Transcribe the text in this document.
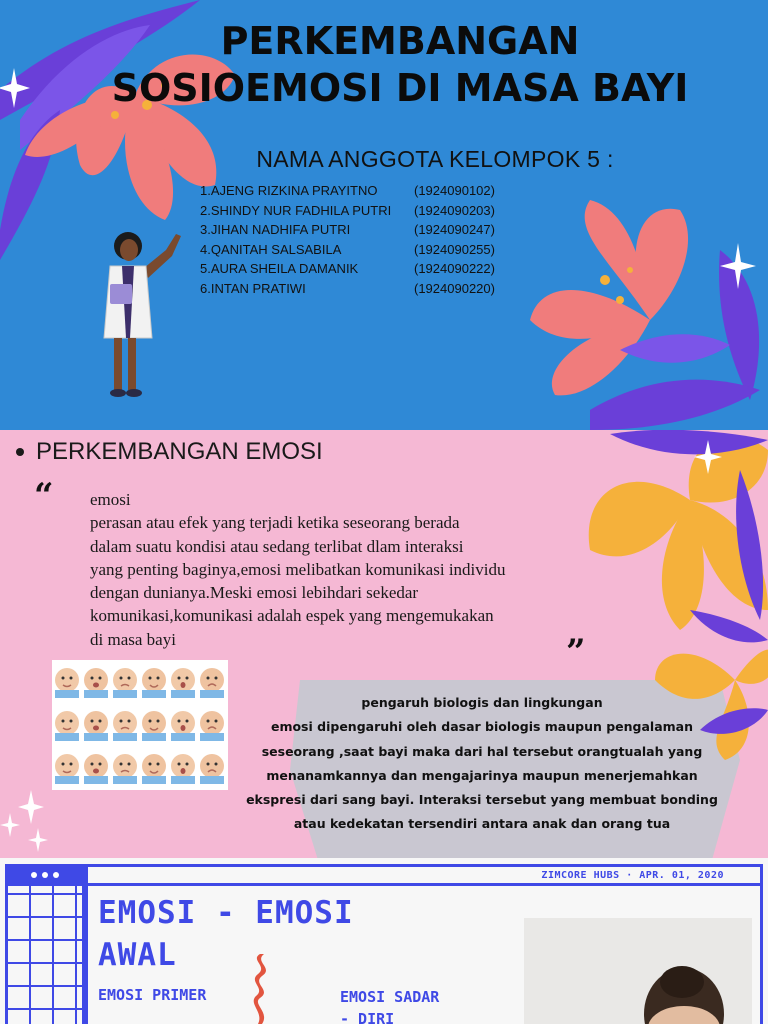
PERKEMBANGAN
SOSIOEMOSI DI MASA BAYI
NAMA ANGGOTA KELOMPOK 5 :
1.AJENG RIZKINA PRAYITNO	(1924090102)
2.SHINDY NUR FADHILA PUTRI	(1924090203)
3.JIHAN NADHIFA PUTRI	(1924090247)
4.QANITAH SALSABILA	(1924090255)
5.AURA SHEILA DAMANIK	(1924090222)
6.INTAN PRATIWI	(1924090220)
PERKEMBANGAN EMOSI
“ emosi

perasan atau efek yang terjadi ketika seseorang berada

dalam suatu kondisi atau sedang terlibat dlam interaksi

yang penting baginya,emosi melibatkan komunikasi individu

dengan dunianya.Meski emosi lebihdari sekedar

komunikasi,komunikasi adalah espek yang mengemukakan

di masa bayi	”

pengaruh biologis dan lingkungan

emosi dipengaruhi oleh dasar biologis maupun pengalaman

seseorang ,saat bayi maka dari hal tersebut orangtualah yang

menanamkannya dan mengajarinya maupun menerjemahkan

ekspresi dari sang bayi. Interaksi tersebut yang membuat bonding

atau kedekatan tersendiri antara anak dan orang tua

ZIMCORE HUBS · APR. 01, 2020
EMOSI - EMOSI
AWAL
EMOSI PRIMER	EMOSI SADAR
- DIRI
